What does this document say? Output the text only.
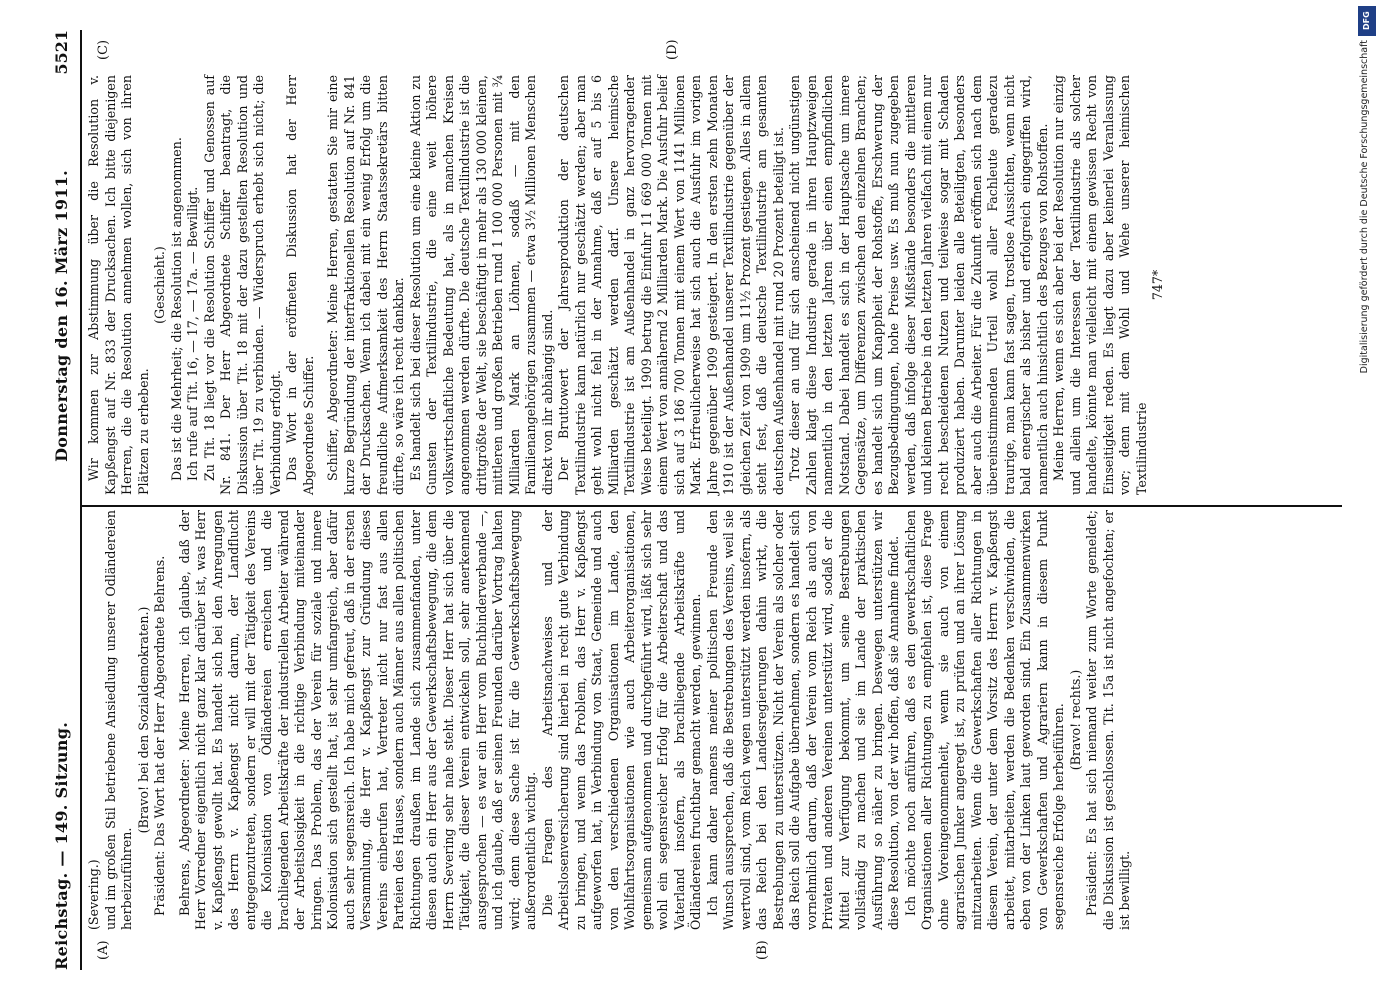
Reichstag. — 149. Sitzung.
Donnerstag den 16. März 1911.
5521
(A)	(B)
(C)	(D)

(Severing.) und im großen Stil betriebene Ansiedlung unserer Odländereien herbeizuführen.

(Bravo! bei den Sozialdemokraten.) Präsident: Das Wort hat der Herr Abgeordnete Behrens. Behrens, Abgeordneter: Meine Herren, ich glaube, daß der Herr Vorredner eigentlich nicht ganz klar darüber ist, was Herr v. Kapßengst gewollt hat. Es handelt sich bei den Anregungen des Herrn v. Kapßengst nicht darum, der Landflucht entgegenzutreten, sondern er will mit der Tätigkeit des Vereins die Kolonisation von Ödländereien erreichen und die brachliegenden Arbeitskräfte der industriellen Arbeiter während der Arbeitslosigkeit in die richtige Verbindung miteinander bringen. Das Problem, das der Verein für soziale und innere Kolonisation sich gestellt hat, ist sehr umfangreich, aber dafür auch sehr segensreich. Ich habe mich gefreut, daß in der ersten Versammlung, die Herr v. Kapßengst zur Gründung dieses Vereins einberufen hat, Vertreter nicht nur fast aus allen Parteien des Hauses, sondern auch Männer aus allen politischen Richtungen draußen im Lande sich zusammenfanden, unter diesen auch ein Herr aus der Gewerkschaftsbewegung, die dem Herrn Severing sehr nahe steht. Dieser Herr hat sich über die Tätigkeit, die dieser Verein entwickeln soll, sehr anerkennend ausgesprochen — es war ein Herr vom Buchbinderverbande —, und ich glaube, daß er seinen Freunden darüber Vortrag halten wird; denn diese Sache ist für die Gewerkschaftsbewegung außerordentlich wichtig. Die Fragen des Arbeitsnachweises und der Arbeitslosenversicherung sind hierbei in recht gute Verbindung zu bringen, und wenn das Problem, das Herr v. Kapßengst aufgeworfen hat, in Verbindung von Staat, Gemeinde und auch von den verschiedenen Organisationen im Lande, den Wohlfahrtsorganisationen wie auch Arbeiterorganisationen, gemeinsam aufgenommen und durchgeführt wird, läßt sich sehr wohl ein segensreicher Erfolg für die Arbeiterschaft und das Vaterland insofern, als brachliegende Arbeitskräfte und Ödländereien fruchtbar gemacht werden, gewinnen. Ich kann daher namens meiner politischen Freunde den Wunsch aussprechen, daß die Bestrebungen des Vereins, weil sie wertvoll sind, vom Reich wegen unterstützt werden insofern, als das Reich bei den Landesregierungen dahin wirkt, die Bestrebungen zu unterstützen. Nicht der Verein als solcher oder das Reich soll die Aufgabe übernehmen, sondern es handelt sich vornehmlich darum, daß der Verein vom Reich als auch von Privaten und anderen Vereinen unterstützt wird, sodaß er die Mittel zur Verfügung bekommt, um seine Bestrebungen vollständig zu machen und sie im Lande der praktischen Ausführung so näher zu bringen. Deswegen unterstützen wir diese Resolution, von der wir hoffen, daß sie Annahme findet. Ich möchte noch anführen, daß es den gewerkschaftlichen Organisationen aller Richtungen zu empfehlen ist, diese Frage ohne Voreingenommenheit, wenn sie auch von einem agrarischen Junker angeregt ist, zu prüfen und an ihrer Lösung mitzuarbeiten. Wenn die Gewerkschaften aller Richtungen in diesem Verein, der unter dem Vorsitz des Herrn v. Kapßengst arbeitet, mitarbeiten, werden die Bedenken verschwinden, die eben von der Linken laut geworden sind. Ein Zusammenwirken von Gewerkschaften und Agrariern kann in diesem Punkt segensreiche Erfolge herbeiführen. (Bravo! rechts.) Präsident: Es hat sich niemand weiter zum Worte gemeldet; die Diskussion ist geschlossen. Tit. 15a ist nicht angefochten; er ist bewilligt.

Wir kommen zur Abstimmung über die Resolution v. Kapßengst auf Nr. 833 der Drucksachen. Ich bitte diejenigen Herren, die die Resolution annehmen wollen, sich von ihren Plätzen zu erheben.

(Geschieht.) Das ist die Mehrheit; die Resolution ist angenommen. Ich rufe auf Tit. 16, — 17, — 17a. — Bewilligt. Zu Tit. 18 liegt vor die Resolution Schiffer und Genossen auf Nr. 841. Der Herr Abgeordnete Schiffer beantragt, die Diskussion über Tit. 18 mit der dazu gestellten Resolution und über Tit. 19 zu verbinden. — Widerspruch erhebt sich nicht; die Verbindung erfolgt. Das Wort in der eröffneten Diskussion hat der Herr Abgeordnete Schiffer. Schiffer, Abgeordneter: Meine Herren, gestatten Sie mir eine kurze Begründung der interfraktionellen Resolution auf Nr. 841 der Drucksachen. Wenn ich dabei mit ein wenig Erfolg um die freundliche Aufmerksamkeit des Herrn Staatssekretärs bitten dürfte, so wäre ich recht dankbar. Es handelt sich bei dieser Resolution um eine kleine Aktion zu Gunsten der Textilindustrie, die eine weit höhere volkswirtschaftliche Bedeutung hat, als in manchen Kreisen angenommen werden dürfte. Die deutsche Textilindustrie ist die drittgrößte der Welt, sie beschäftigt in mehr als 130 000 kleinen, mittleren und großen Betrieben rund 1 100 000 Personen mit ¾ Milliarden Mark an Löhnen, sodaß — mit den Familienangehörigen zusammen — etwa 3½ Millionen Menschen direkt von ihr abhängig sind. Der Bruttowert der Jahresproduktion der deutschen Textilindustrie kann natürlich nur geschätzt werden; aber man geht wohl nicht fehl in der Annahme, daß er auf 5 bis 6 Milliarden geschätzt werden darf. Unsere heimische Textilindustrie ist am Außenhandel in ganz hervorragender Weise beteiligt. 1909 betrug die Einfuhr 11 669 000 Tonnen mit einem Wert von annähernd 2 Milliarden Mark. Die Ausfuhr belief sich auf 3 186 700 Tonnen mit einem Wert von 1141 Millionen Mark. Erfreulicherweise hat sich auch die Ausfuhr im vorigen Jahre gegenüber 1909 gesteigert. In den ersten zehn Monaten 1910 ist der Außenhandel unserer Textilindustrie gegenüber der gleichen Zeit von 1909 um 11½ Prozent gestiegen. Alles in allem steht fest, daß die deutsche Textilindustrie am gesamten deutschen Außenhandel mit rund 20 Prozent beteiligt ist. Trotz dieser an und für sich anscheinend nicht ungünstigen Zahlen klagt diese Industrie gerade in ihren Hauptzweigen namentlich in den letzten Jahren über einen empfindlichen Notstand. Dabei handelt es sich in der Hauptsache um innere Gegensätze, um Differenzen zwischen den einzelnen Branchen; es handelt sich um Knappheit der Rohstoffe, Erschwerung der Bezugsbedingungen, hohe Preise usw. Es muß nun zugegeben werden, daß infolge dieser Mißstände besonders die mittleren und kleinen Betriebe in den letzten Jahren vielfach mit einem nur recht bescheidenen Nutzen und teilweise sogar mit Schaden produziert haben. Darunter leiden alle Beteiligten, besonders aber auch die Arbeiter. Für die Zukunft eröffnen sich nach dem übereinstimmenden Urteil wohl aller Fachleute geradezu traurige, man kann fast sagen, trostlose Aussichten, wenn nicht bald energischer als bisher und erfolgreich eingegriffen wird, namentlich auch hinsichtlich des Bezuges von Rohstoffen. Meine Herren, wenn es sich aber bei der Resolution nur einzig und allein um die Interessen der Textilindustrie als solcher handelte, könnte man vielleicht mit einem gewissen Recht von Einseitigkeit reden. Es liegt dazu aber keinerlei Veranlassung vor; denn mit dem Wohl und Wehe unserer heimischen Textilindustrie

747*

DFG
Digitalisierung gefördert durch die Deutsche Forschungsgemeinschaft
